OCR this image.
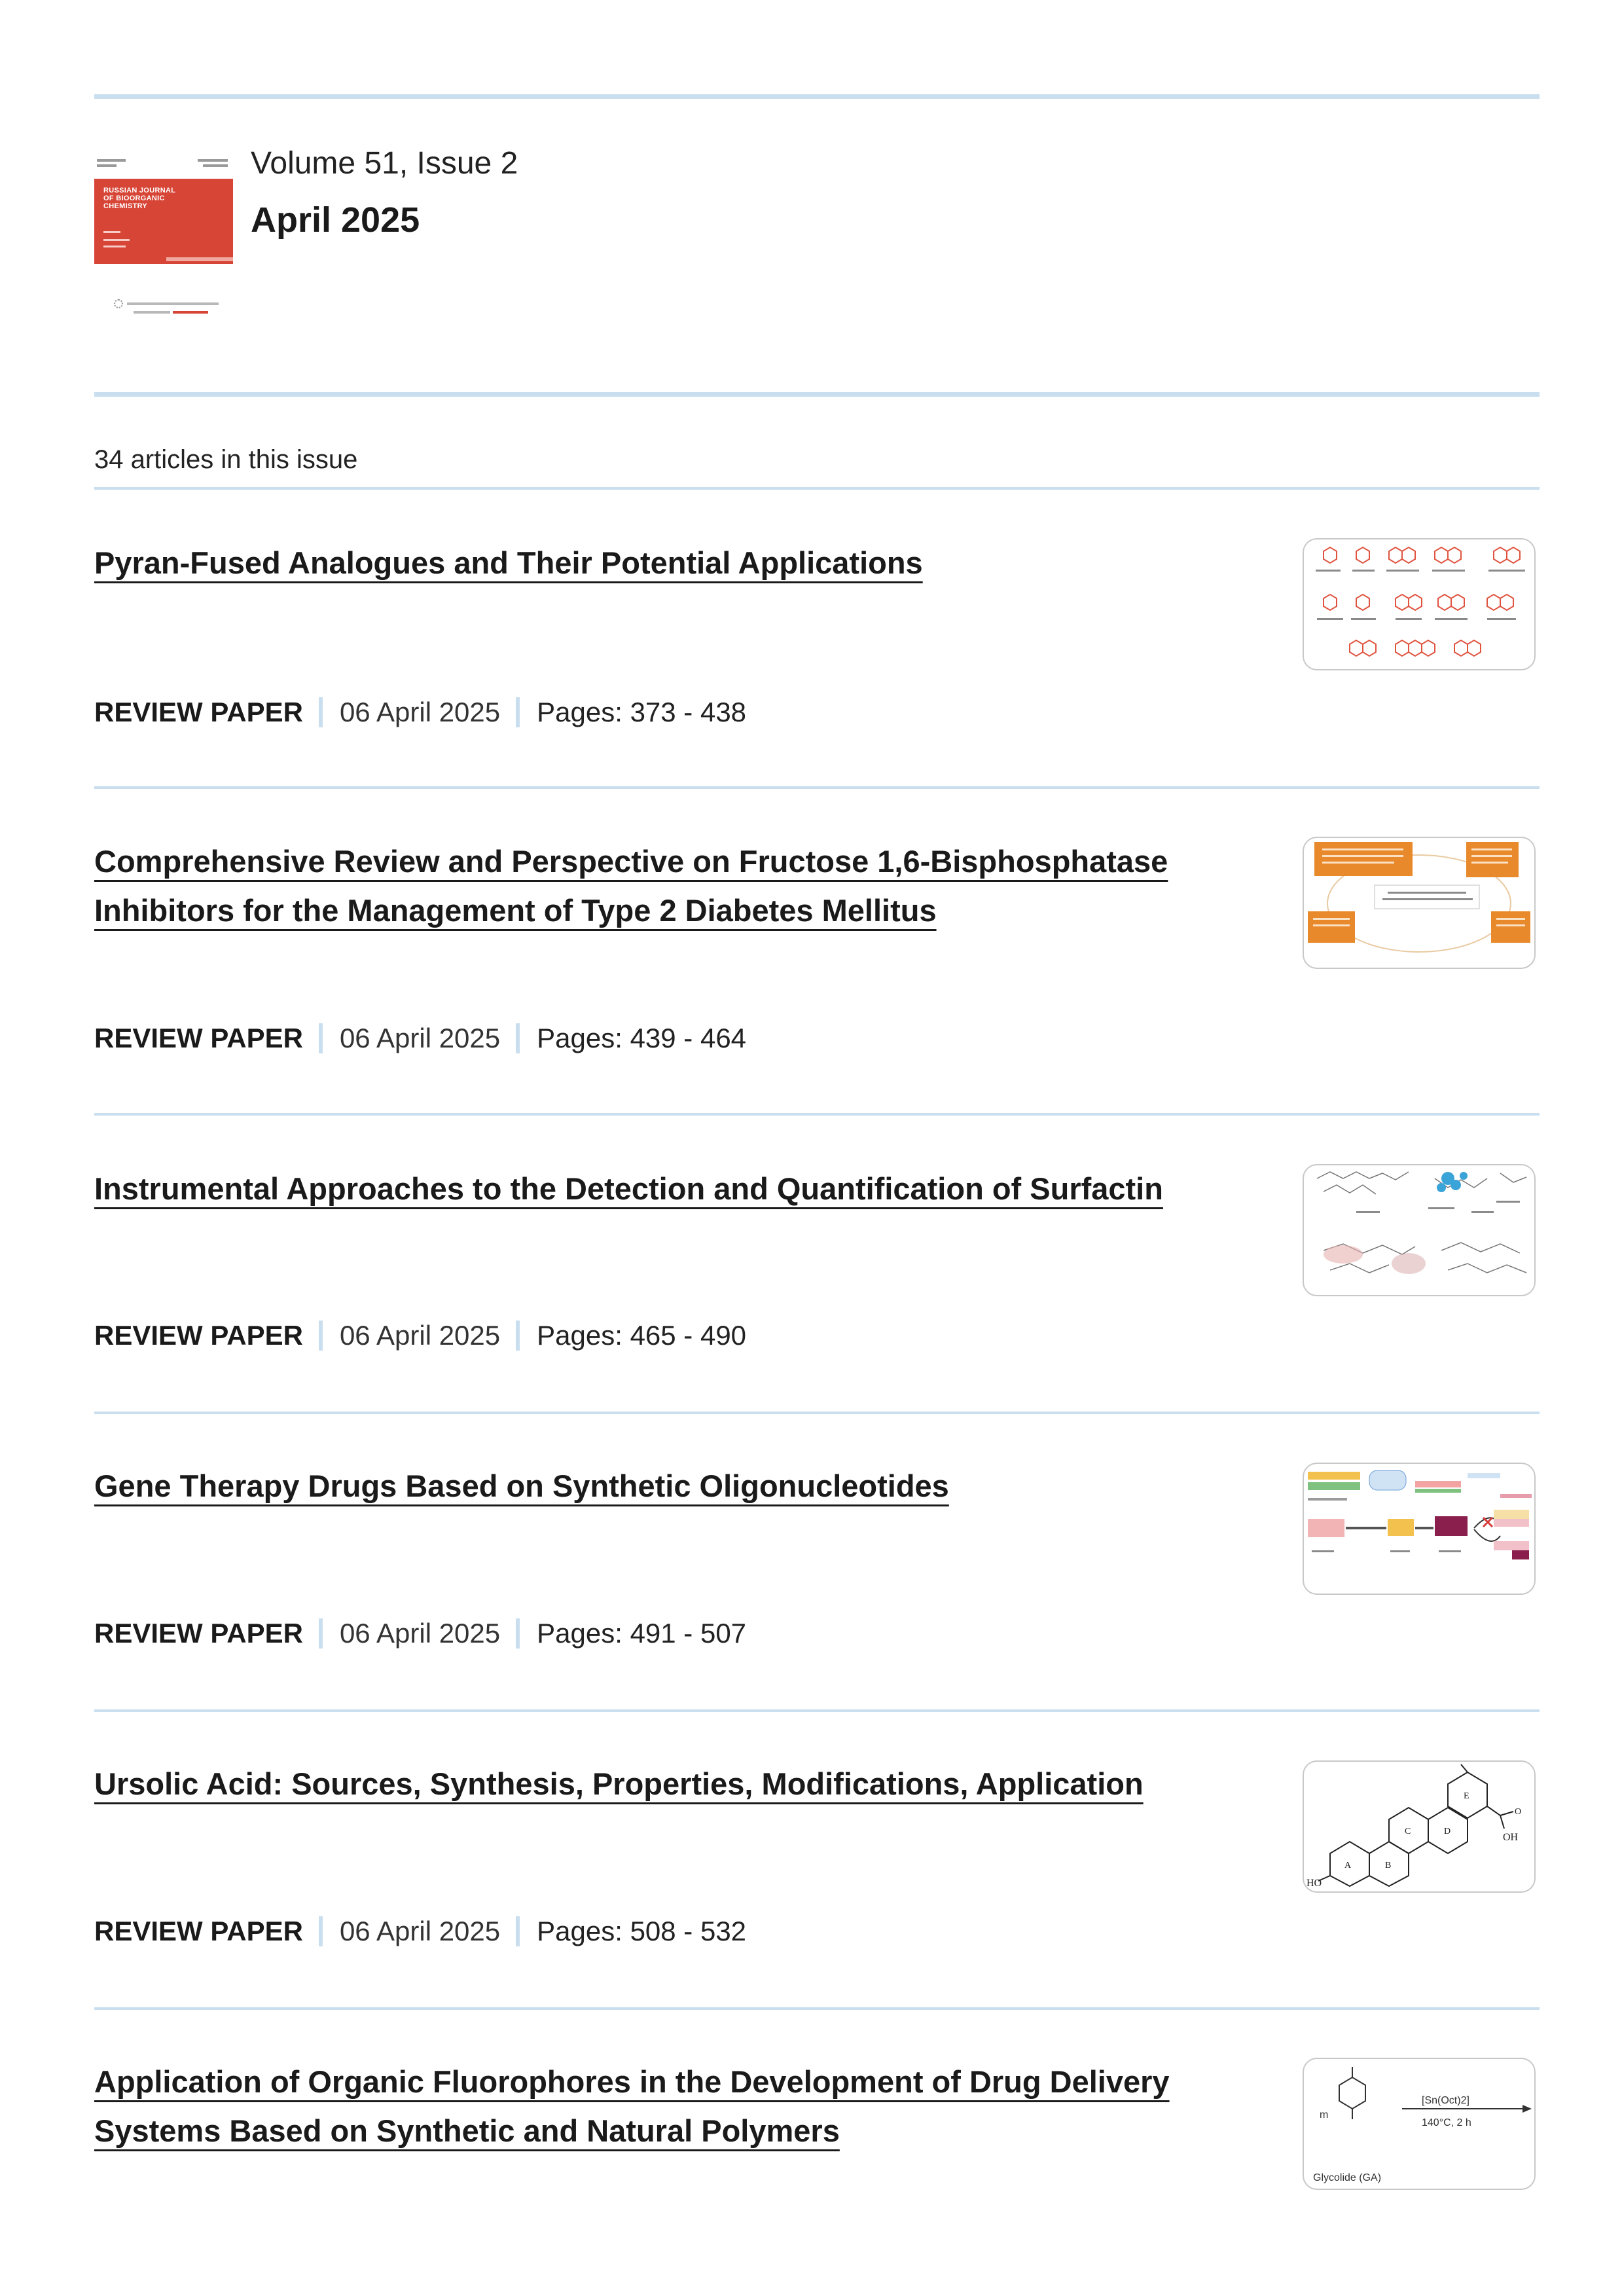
RUSSIAN JOURNAL OF BIOORGANIC CHEMISTRY
Volume 51, Issue 2
April 2025
34 articles in this issue
Pyran-Fused Analogues and Their Potential Applications
REVIEW PAPER 06 April 2025 Pages: 373 - 438
Comprehensive Review and Perspective on Fructose 1,6-Bisphosphatase Inhibitors for the Management of Type 2 Diabetes Mellitus
REVIEW PAPER 06 April 2025 Pages: 439 - 464
Instrumental Approaches to the Detection and Quantification of Surfactin
REVIEW PAPER 06 April 2025 Pages: 465 - 490
Gene Therapy Drugs Based on Synthetic Oligonucleotides
REVIEW PAPER 06 April 2025 Pages: 491 - 507
Ursolic Acid: Sources, Synthesis, Properties, Modifications, Application
A	B
C	D
E
HO
OH
O
REVIEW PAPER 06 April 2025 Pages: 508 - 532
Application of Organic Fluorophores in the Development of Drug Delivery Systems Based on Synthetic and Natural Polymers	m
[Sn(Oct)2]
140°C, 2 h
Glycolide (GA)
